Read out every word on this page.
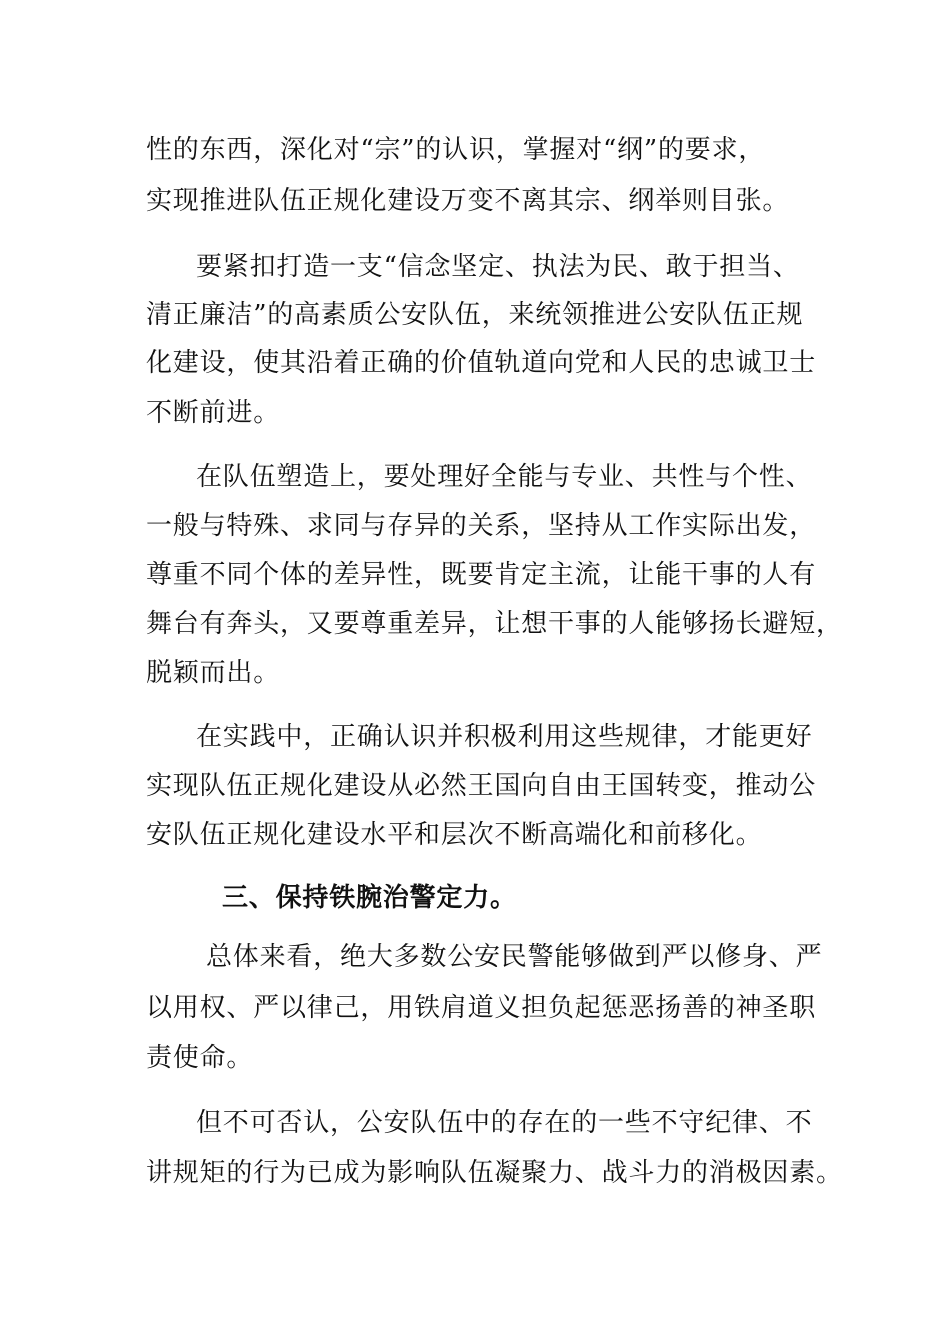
性的东西，深化对“宗”的认识，掌握对“纲”的要求，
实现推进队伍正规化建设万变不离其宗、纲举则目张。
要紧扣打造一支“信念坚定、执法为民、敢于担当、
清正廉洁”的高素质公安队伍，来统领推进公安队伍正规
化建设，使其沿着正确的价值轨道向党和人民的忠诚卫士
不断前进。
在队伍塑造上，要处理好全能与专业、共性与个性、
一般与特殊、求同与存异的关系，坚持从工作实际出发，
尊重不同个体的差异性，既要肯定主流，让能干事的人有
舞台有奔头，又要尊重差异，让想干事的人能够扬长避短，
脱颖而出。
在实践中，正确认识并积极利用这些规律，才能更好
实现队伍正规化建设从必然王国向自由王国转变，推动公
安队伍正规化建设水平和层次不断高端化和前移化。
三、保持铁腕治警定力。
总体来看，绝大多数公安民警能够做到严以修身、严
以用权、严以律己，用铁肩道义担负起惩恶扬善的神圣职
责使命。
但不可否认，公安队伍中的存在的一些不守纪律、不
讲规矩的行为已成为影响队伍凝聚力、战斗力的消极因素。
